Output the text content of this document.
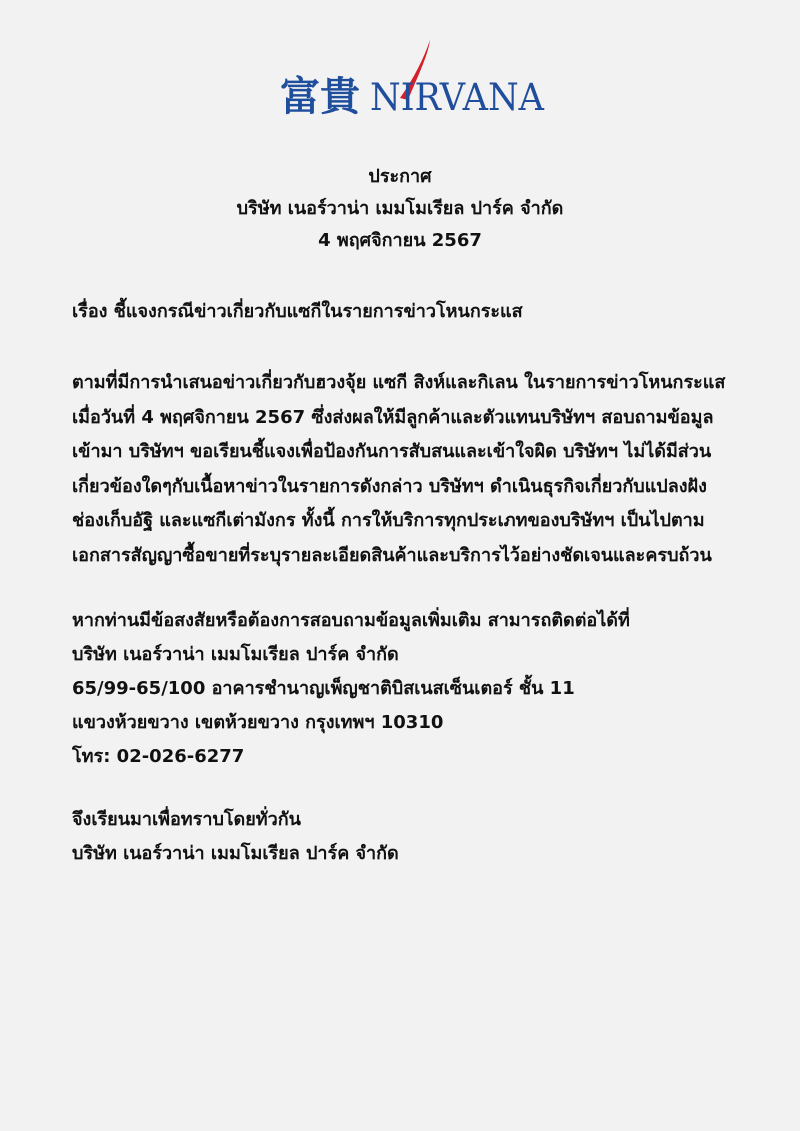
富貴 NIRVANA
ประกาศ
บริษัท เนอร์วาน่า เมมโมเรียล ปาร์ค จำกัด
4 พฤศจิกายน 2567
เรื่อง ชี้แจงกรณีข่าวเกี่ยวกับแซกีในรายการข่าวโหนกระแส
ตามที่มีการนำเสนอข่าวเกี่ยวกับฮวงจุ้ย แซกี สิงห์และกิเลน ในรายการข่าวโหนกระแส
เมื่อวันที่ 4 พฤศจิกายน 2567 ซึ่งส่งผลให้มีลูกค้าและตัวแทนบริษัทฯ สอบถามข้อมูล
เข้ามา บริษัทฯ ขอเรียนชี้แจงเพื่อป้องกันการสับสนและเข้าใจผิด บริษัทฯ ไม่ได้มีส่วน
เกี่ยวข้องใดๆกับเนื้อหาข่าวในรายการดังกล่าว บริษัทฯ ดำเนินธุรกิจเกี่ยวกับแปลงฝัง
ช่องเก็บอัฐิ และแซกีเต่ามังกร ทั้งนี้ การให้บริการทุกประเภทของบริษัทฯ เป็นไปตาม
เอกสารสัญญาซื้อขายที่ระบุรายละเอียดสินค้าและบริการไว้อย่างชัดเจนและครบถ้วน
หากท่านมีข้อสงสัยหรือต้องการสอบถามข้อมูลเพิ่มเติม สามารถติดต่อได้ที่
บริษัท เนอร์วาน่า เมมโมเรียล ปาร์ค จำกัด
65/99-65/100 อาคารชำนาญเพ็ญชาติบิสเนสเซ็นเตอร์ ชั้น 11
แขวงห้วยขวาง เขตห้วยขวาง กรุงเทพฯ 10310
โทร: 02-026-6277
จึงเรียนมาเพื่อทราบโดยทั่วกัน
บริษัท เนอร์วาน่า เมมโมเรียล ปาร์ค จำกัด
